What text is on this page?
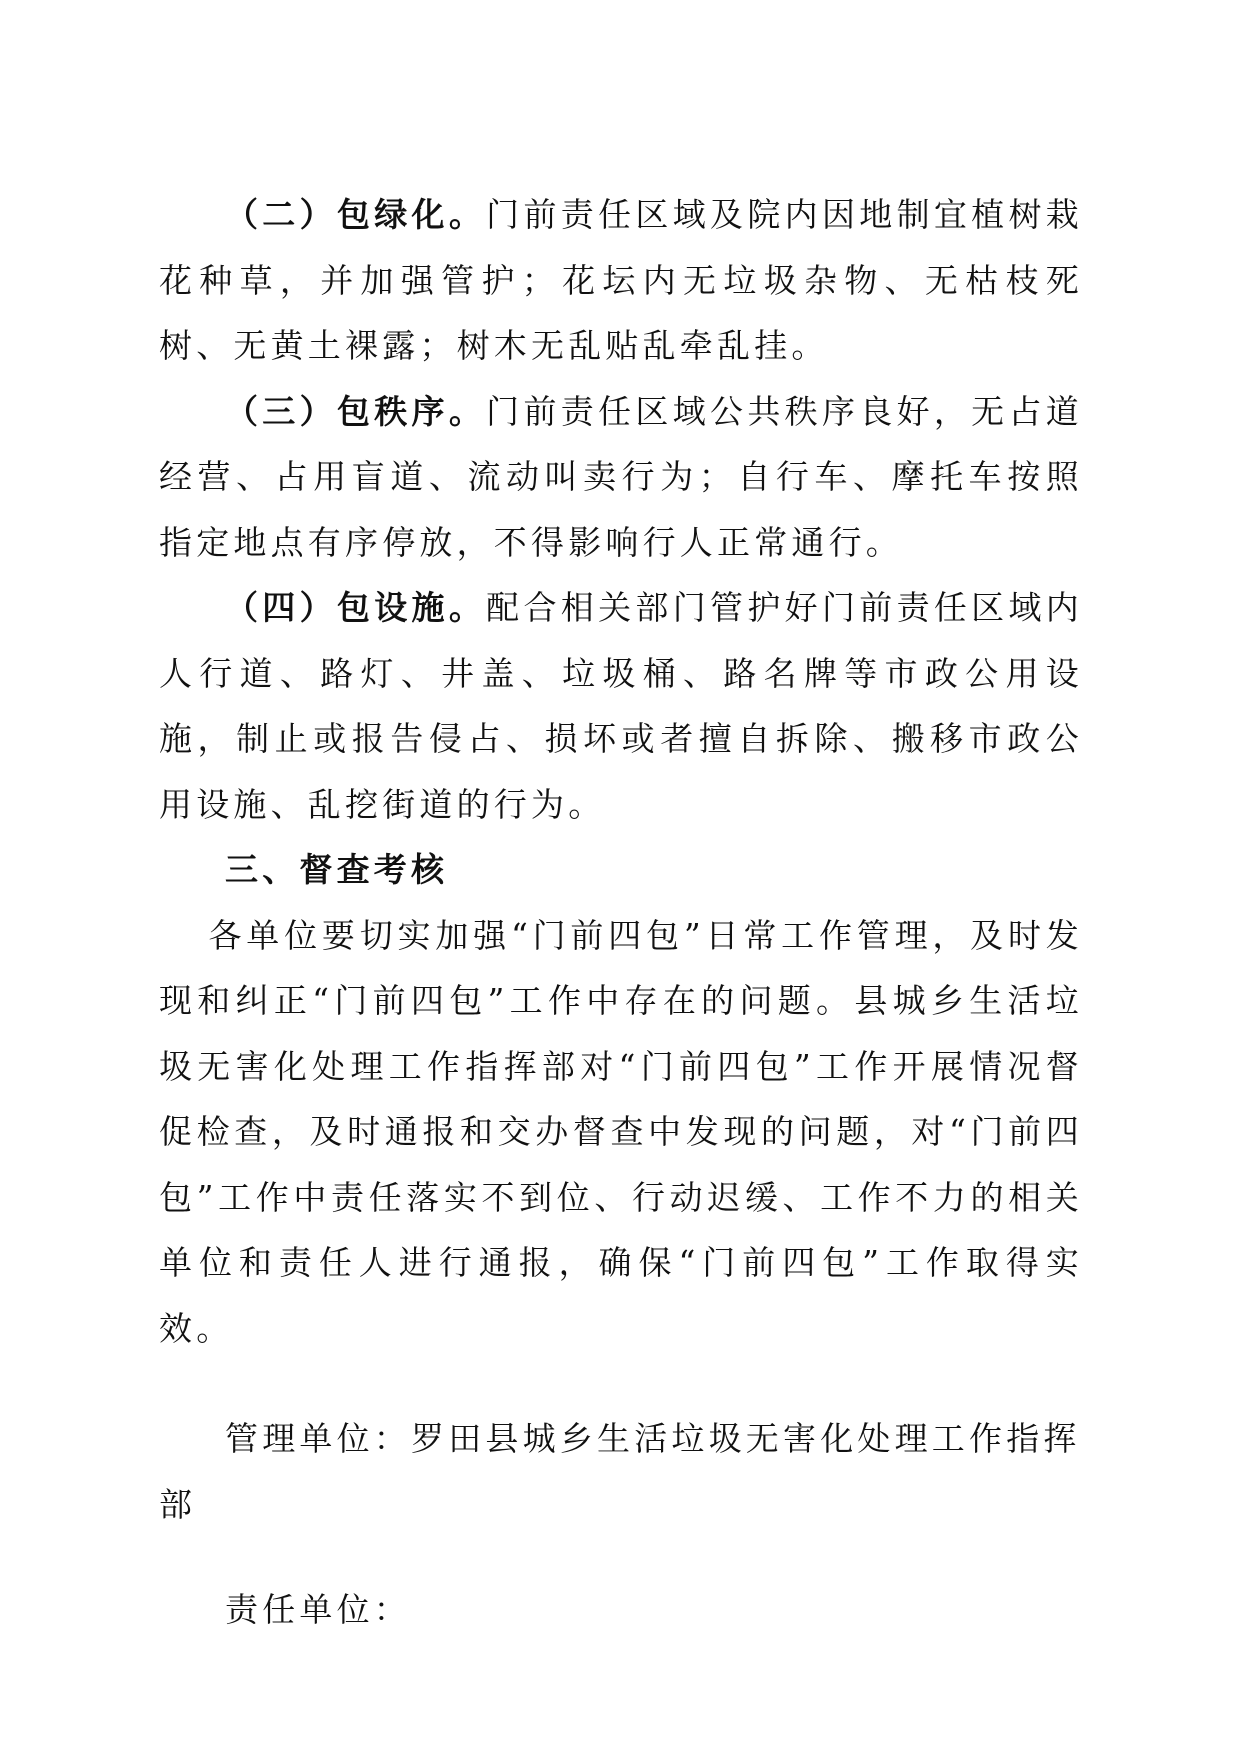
（二）包绿化。门前责任区域及院内因地制宜植树栽花种草，并加强管护；花坛内无垃圾杂物、无枯枝死树、无黄土裸露；树木无乱贴乱牵乱挂。

（三）包秩序。门前责任区域公共秩序良好，无占道经营、占用盲道、流动叫卖行为；自行车、摩托车按照指定地点有序停放，不得影响行人正常通行。

（四）包设施。配合相关部门管护好门前责任区域内人行道、路灯、井盖、垃圾桶、路名牌等市政公用设施，制止或报告侵占、损坏或者擅自拆除、搬移市政公用设施、乱挖街道的行为。

三、督查考核

各单位要切实加强“门前四包”日常工作管理，及时发现和纠正“门前四包”工作中存在的问题。县城乡生活垃圾无害化处理工作指挥部对“门前四包”工作开展情况督促检查，及时通报和交办督查中发现的问题，对“门前四包”工作中责任落实不到位、行动迟缓、工作不力的相关单位和责任人进行通报，确保“门前四包”工作取得实效。

管理单位：罗田县城乡生活垃圾无害化处理工作指挥部

责任单位：
